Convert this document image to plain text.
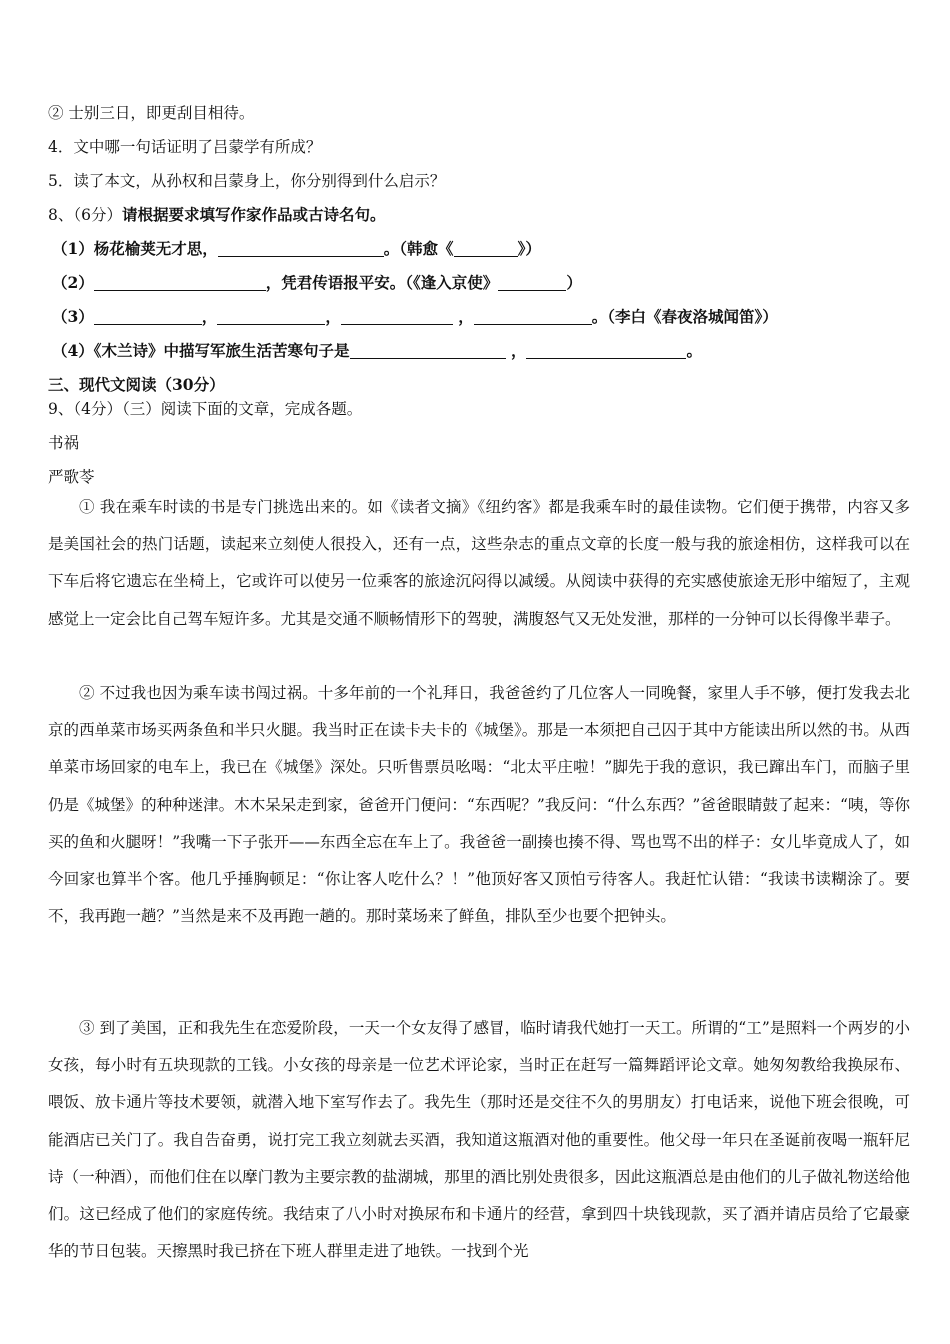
② 士别三日，即更刮目相待。
4．文中哪一句话证明了吕蒙学有所成？
5．读了本文，从孙权和吕蒙身上，你分别得到什么启示？
8、（6分）请根据要求填写作家作品或古诗名句。
（1）杨花榆荚无才思，	。（韩愈《	》）
（2）	，凭君传语报平安。（《逢入京使》	）
（3）	，	，	，	。（李白《春夜洛城闻笛》）
（4）《木兰诗》中描写军旅生活苦寒句子是	，	。
三、现代文阅读（30分）
9、（4分）（三）阅读下面的文章，完成各题。
书祸
严歌苓
① 我在乘车时读的书是专门挑选出来的。如《读者文摘》《纽约客》都是我乘车时的最佳读物。它们便于携带，内容又多是美国社会的热门话题，读起来立刻使人很投入，还有一点，这些杂志的重点文章的长度一般与我的旅途相仿，这样我可以在下车后将它遗忘在坐椅上，它或许可以使另一位乘客的旅途沉闷得以减缓。从阅读中获得的充实感使旅途无形中缩短了，主观感觉上一定会比自己驾车短许多。尤其是交通不顺畅情形下的驾驶，满腹怒气又无处发泄，那样的一分钟可以长得像半辈子。
② 不过我也因为乘车读书闯过祸。十多年前的一个礼拜日，我爸爸约了几位客人一同晚餐，家里人手不够，便打发我去北京的西单菜市场买两条鱼和半只火腿。我当时正在读卡夫卡的《城堡》。那是一本须把自己囚于其中方能读出所以然的书。从西单菜市场回家的电车上，我已在《城堡》深处。只听售票员吆喝：“北太平庄啦！”脚先于我的意识，我已蹿出车门，而脑子里仍是《城堡》的种种迷津。木木呆呆走到家，爸爸开门便问：“东西呢？”我反问：“什么东西？”爸爸眼睛鼓了起来：“咦，等你买的鱼和火腿呀！”我嘴一下子张开——东西全忘在车上了。我爸爸一副揍也揍不得、骂也骂不出的样子：女儿毕竟成人了，如今回家也算半个客。他几乎捶胸顿足：“你让客人吃什么？！”他顶好客又顶怕亏待客人。我赶忙认错：“我读书读糊涂了。要不，我再跑一趟？”当然是来不及再跑一趟的。那时菜场来了鲜鱼，排队至少也要个把钟头。
③ 到了美国，正和我先生在恋爱阶段，一天一个女友得了感冒，临时请我代她打一天工。所谓的“工”是照料一个两岁的小女孩，每小时有五块现款的工钱。小女孩的母亲是一位艺术评论家，当时正在赶写一篇舞蹈评论文章。她匆匆教给我换尿布、喂饭、放卡通片等技术要领，就潜入地下室写作去了。我先生（那时还是交往不久的男朋友）打电话来，说他下班会很晚，可能酒店已关门了。我自告奋勇，说打完工我立刻就去买酒，我知道这瓶酒对他的重要性。他父母一年只在圣诞前夜喝一瓶轩尼诗（一种酒），而他们住在以摩门教为主要宗教的盐湖城，那里的酒比别处贵很多，因此这瓶酒总是由他们的儿子做礼物送给他们。这已经成了他们的家庭传统。我结束了八小时对换尿布和卡通片的经营，拿到四十块钱现款，买了酒并请店员给了它最豪华的节日包装。天擦黑时我已挤在下班人群里走进了地铁。一找到个光
